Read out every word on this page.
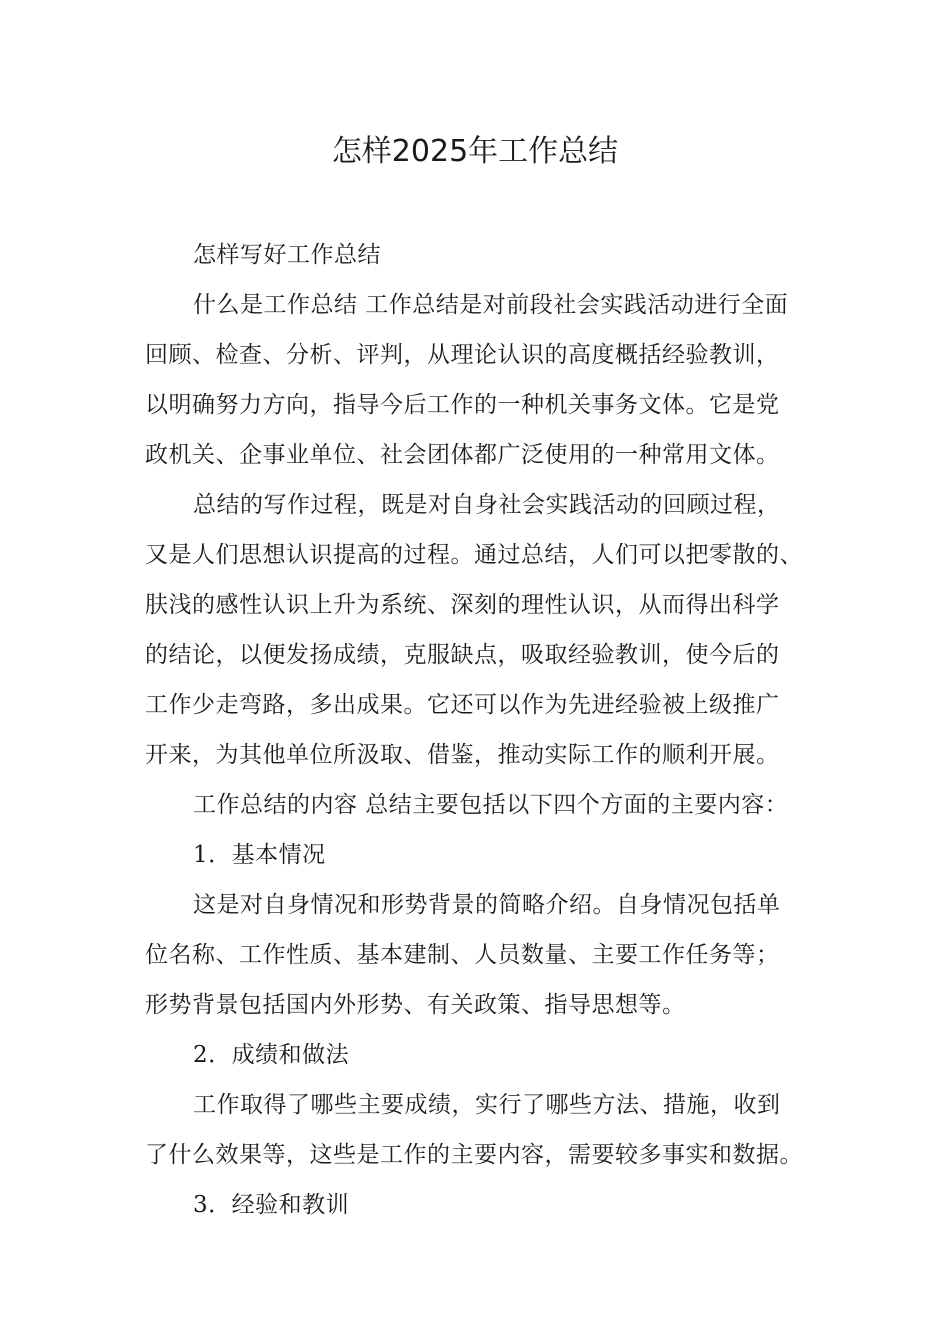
怎样2025年工作总结
怎样写好工作总结
什么是工作总结 工作总结是对前段社会实践活动进行全面
回顾、检查、分析、评判，从理论认识的高度概括经验教训，
以明确努力方向，指导今后工作的一种机关事务文体。它是党
政机关、企事业单位、社会团体都广泛使用的一种常用文体。
总结的写作过程，既是对自身社会实践活动的回顾过程，
又是人们思想认识提高的过程。通过总结，人们可以把零散的、
肤浅的感性认识上升为系统、深刻的理性认识，从而得出科学
的结论，以便发扬成绩，克服缺点，吸取经验教训，使今后的
工作少走弯路，多出成果。它还可以作为先进经验被上级推广
开来，为其他单位所汲取、借鉴，推动实际工作的顺利开展。
工作总结的内容 总结主要包括以下四个方面的主要内容：
1．基本情况
这是对自身情况和形势背景的简略介绍。自身情况包括单
位名称、工作性质、基本建制、人员数量、主要工作任务等；
形势背景包括国内外形势、有关政策、指导思想等。
2．成绩和做法
工作取得了哪些主要成绩，实行了哪些方法、措施，收到
了什么效果等，这些是工作的主要内容，需要较多事实和数据。
3．经验和教训
